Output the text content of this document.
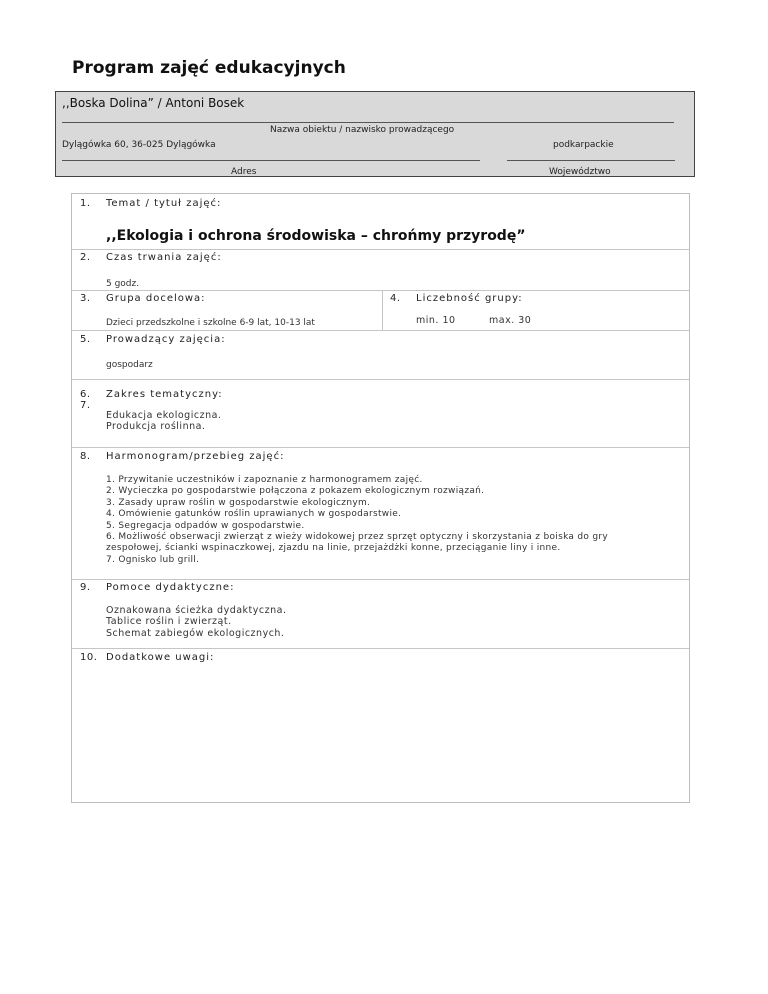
Program zajęć edukacyjnych
,,Boska Dolina” / Antoni Bosek
Nazwa obiektu / nazwisko prowadzącego
Dylągówka 60, 36-025 Dylągówka	podkarpackie
Adres	Województwo
1. Temat / tytuł zajęć:
,,Ekologia i ochrona środowiska – chrońmy przyrodę”
2. Czas trwania zajęć:
5 godz.
3. Grupa docelowa:
Dzieci przedszkolne i szkolne 6-9 lat, 10-13 lat
4. Liczebność grupy:
min. 10	max. 30
5. Prowadzący zajęcia:
gospodarz
6.
7.
Zakres tematyczny:
Edukacja ekologiczna.
Produkcja roślinna.
8. Harmonogram/przebieg zajęć:
1. Przywitanie uczestników i zapoznanie z harmonogramem zajęć.
2. Wycieczka po gospodarstwie połączona z pokazem ekologicznym rozwiązań.
3. Zasady upraw roślin w gospodarstwie ekologicznym.
4. Omówienie gatunków roślin uprawianych w gospodarstwie.
5. Segregacja odpadów w gospodarstwie.
6. Możliwość obserwacji zwierząt z wieży widokowej przez sprzęt optyczny i skorzystania z boiska do gry
zespołowej, ścianki wspinaczkowej, zjazdu na linie, przejażdżki konne, przeciąganie liny i inne.
7. Ognisko lub grill.
9. Pomoce dydaktyczne:
Oznakowana ścieżka dydaktyczna.
Tablice roślin i zwierząt.
Schemat zabiegów ekologicznych.
10. Dodatkowe uwagi:
